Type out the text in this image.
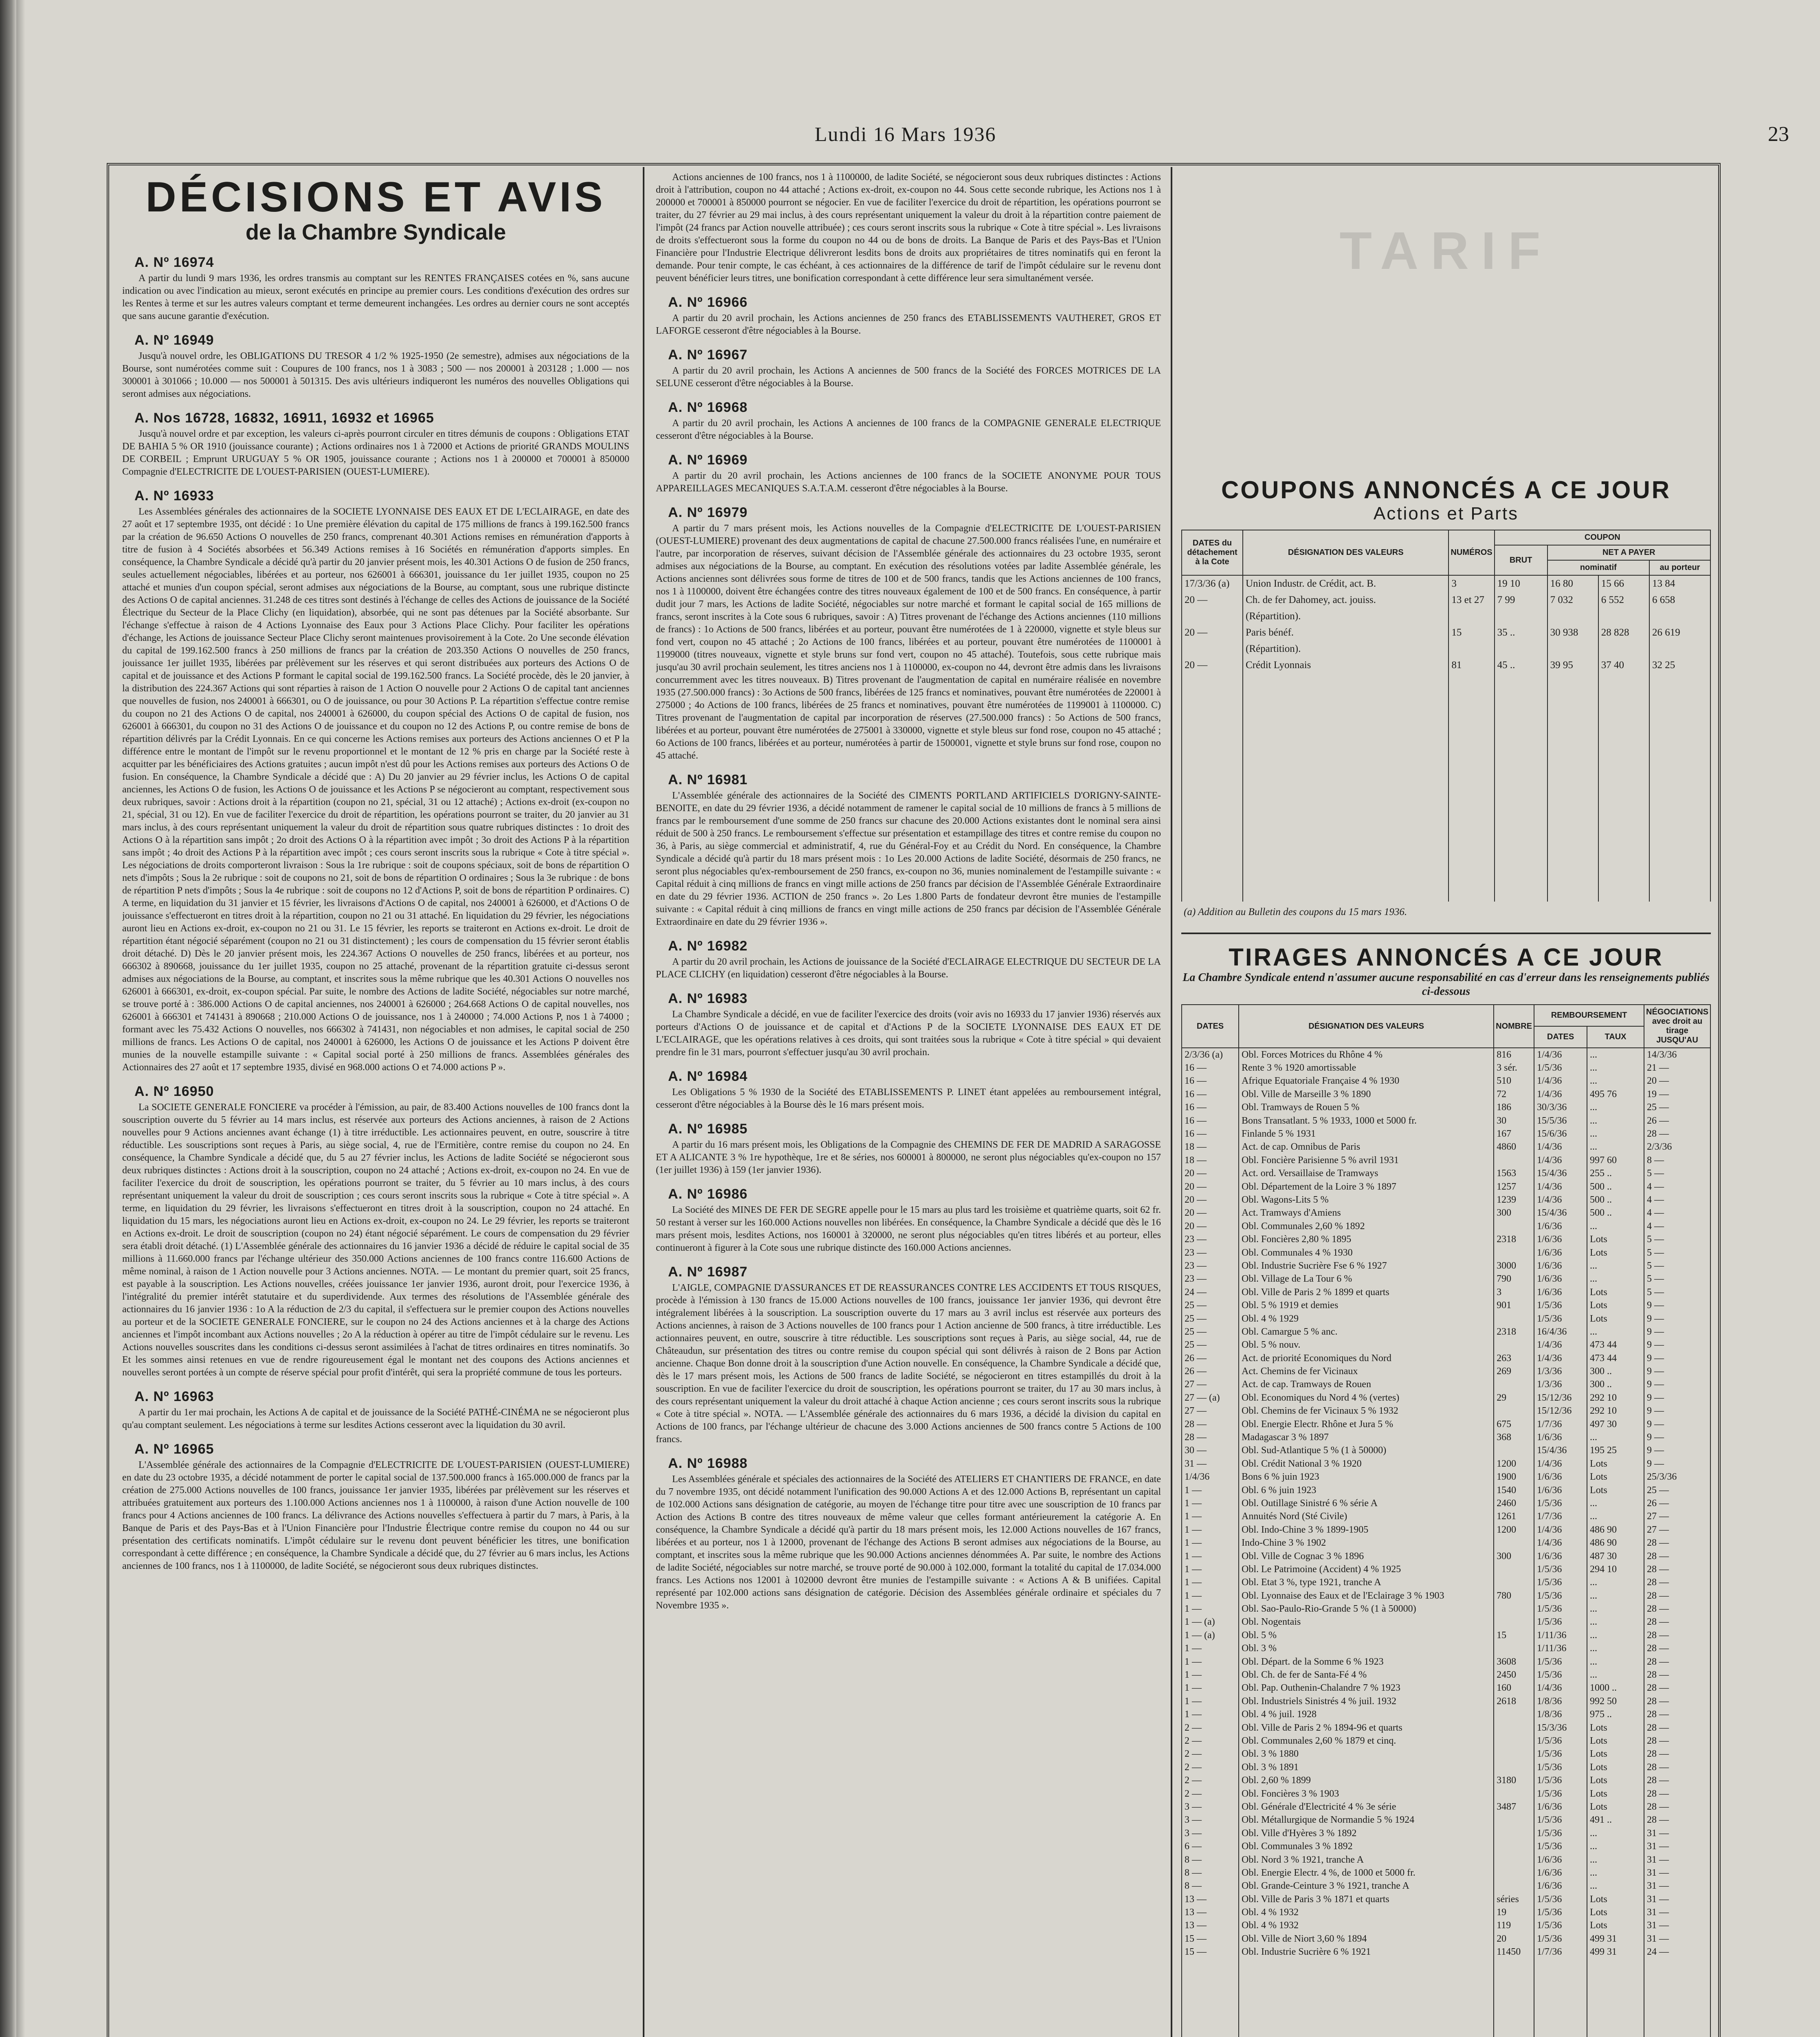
Lundi 16 Mars 1936	23
DÉCISIONS ET AVIS
de la Chambre Syndicale
A. Nº 16974

A partir du lundi 9 mars 1936, les ordres transmis au comptant sur les RENTES FRANÇAISES cotées en %, sans aucune indication ou avec l'indication au mieux, seront exécutés en principe au premier cours. Les conditions d'exécution des ordres sur les Rentes à terme et sur les autres valeurs comptant et terme demeurent inchangées. Les ordres au dernier cours ne sont acceptés que sans aucune garantie d'exécution.

A. Nº 16949

Jusqu'à nouvel ordre, les OBLIGATIONS DU TRESOR 4 1/2 % 1925-1950 (2e semestre), admises aux négociations de la Bourse, sont numérotées comme suit : Coupures de 100 francs, nos 1 à 3083 ; 500 — nos 200001 à 203128 ; 1.000 — nos 300001 à 301066 ; 10.000 — nos 500001 à 501315. Des avis ultérieurs indiqueront les numéros des nouvelles Obligations qui seront admises aux négociations.

A. Nos 16728, 16832, 16911, 16932 et 16965

Jusqu'à nouvel ordre et par exception, les valeurs ci-après pourront circuler en titres démunis de coupons : Obligations ETAT DE BAHIA 5 % OR 1910 (jouissance courante) ; Actions ordinaires nos 1 à 72000 et Actions de priorité GRANDS MOULINS DE CORBEIL ; Emprunt URUGUAY 5 % OR 1905, jouissance courante ; Actions nos 1 à 200000 et 700001 à 850000 Compagnie d'ELECTRICITE DE L'OUEST-PARISIEN (OUEST-LUMIERE).

A. Nº 16933

Les Assemblées générales des actionnaires de la SOCIETE LYONNAISE DES EAUX ET DE L'ECLAIRAGE, en date des 27 août et 17 septembre 1935, ont décidé : 1o Une première élévation du capital de 175 millions de francs à 199.162.500 francs par la création de 96.650 Actions O nouvelles de 250 francs, comprenant 40.301 Actions remises en rémunération d'apports à titre de fusion à 4 Sociétés absorbées et 56.349 Actions remises à 16 Sociétés en rémunération d'apports simples. En conséquence, la Chambre Syndicale a décidé qu'à partir du 20 janvier présent mois, les 40.301 Actions O de fusion de 250 francs, seules actuellement négociables, libérées et au porteur, nos 626001 à 666301, jouissance du 1er juillet 1935, coupon no 25 attaché et munies d'un coupon spécial, seront admises aux négociations de la Bourse, au comptant, sous une rubrique distincte des Actions O de capital anciennes. 31.248 de ces titres sont destinés à l'échange de celles des Actions de jouissance de la Société Électrique du Secteur de la Place Clichy (en liquidation), absorbée, qui ne sont pas détenues par la Société absorbante. Sur l'échange s'effectue à raison de 4 Actions Lyonnaise des Eaux pour 3 Actions Place Clichy. Pour faciliter les opérations d'échange, les Actions de jouissance Secteur Place Clichy seront maintenues provisoirement à la Cote. 2o Une seconde élévation du capital de 199.162.500 francs à 250 millions de francs par la création de 203.350 Actions O nouvelles de 250 francs, jouissance 1er juillet 1935, libérées par prélèvement sur les réserves et qui seront distribuées aux porteurs des Actions O de capital et de jouissance et des Actions P formant le capital social de 199.162.500 francs. La Société procède, dès le 20 janvier, à la distribution des 224.367 Actions qui sont réparties à raison de 1 Action O nouvelle pour 2 Actions O de capital tant anciennes que nouvelles de fusion, nos 240001 à 666301, ou O de jouissance, ou pour 30 Actions P. La répartition s'effectue contre remise du coupon no 21 des Actions O de capital, nos 240001 à 626000, du coupon spécial des Actions O de capital de fusion, nos 626001 à 666301, du coupon no 31 des Actions O de jouissance et du coupon no 12 des Actions P, ou contre remise de bons de répartition délivrés par la Crédit Lyonnais. En ce qui concerne les Actions remises aux porteurs des Actions anciennes O et P la différence entre le montant de l'impôt sur le revenu proportionnel et le montant de 12 % pris en charge par la Société reste à acquitter par les bénéficiaires des Actions gratuites ; aucun impôt n'est dû pour les Actions remises aux porteurs des Actions O de fusion. En conséquence, la Chambre Syndicale a décidé que : A) Du 20 janvier au 29 février inclus, les Actions O de capital anciennes, les Actions O de fusion, les Actions O de jouissance et les Actions P se négocieront au comptant, respectivement sous deux rubriques, savoir : Actions droit à la répartition (coupon no 21, spécial, 31 ou 12 attaché) ; Actions ex-droit (ex-coupon no 21, spécial, 31 ou 12). En vue de faciliter l'exercice du droit de répartition, les opérations pourront se traiter, du 20 janvier au 31 mars inclus, à des cours représentant uniquement la valeur du droit de répartition sous quatre rubriques distinctes : 1o droit des Actions O à la répartition sans impôt ; 2o droit des Actions O à la répartition avec impôt ; 3o droit des Actions P à la répartition sans impôt ; 4o droit des Actions P à la répartition avec impôt ; ces cours seront inscrits sous la rubrique « Cote à titre spécial ». Les négociations de droits comporteront livraison : Sous la 1re rubrique : soit de coupons spéciaux, soit de bons de répartition O nets d'impôts ; Sous la 2e rubrique : soit de coupons no 21, soit de bons de répartition O ordinaires ; Sous la 3e rubrique : de bons de répartition P nets d'impôts ; Sous la 4e rubrique : soit de coupons no 12 d'Actions P, soit de bons de répartition P ordinaires. C) A terme, en liquidation du 31 janvier et 15 février, les livraisons d'Actions O de capital, nos 240001 à 626000, et d'Actions O de jouissance s'effectueront en titres droit à la répartition, coupon no 21 ou 31 attaché. En liquidation du 29 février, les négociations auront lieu en Actions ex-droit, ex-coupon no 21 ou 31. Le 15 février, les reports se traiteront en Actions ex-droit. Le droit de répartition étant négocié séparément (coupon no 21 ou 31 distinctement) ; les cours de compensation du 15 février seront établis droit détaché. D) Dès le 20 janvier présent mois, les 224.367 Actions O nouvelles de 250 francs, libérées et au porteur, nos 666302 à 890668, jouissance du 1er juillet 1935, coupon no 25 attaché, provenant de la répartition gratuite ci-dessus seront admises aux négociations de la Bourse, au comptant, et inscrites sous la même rubrique que les 40.301 Actions O nouvelles nos 626001 à 666301, ex-droit, ex-coupon spécial. Par suite, le nombre des Actions de ladite Société, négociables sur notre marché, se trouve porté à : 386.000 Actions O de capital anciennes, nos 240001 à 626000 ; 264.668 Actions O de capital nouvelles, nos 626001 à 666301 et 741431 à 890668 ; 210.000 Actions O de jouissance, nos 1 à 240000 ; 74.000 Actions P, nos 1 à 74000 ; formant avec les 75.432 Actions O nouvelles, nos 666302 à 741431, non négociables et non admises, le capital social de 250 millions de francs. Les Actions O de capital, nos 240001 à 626000, les Actions O de jouissance et les Actions P doivent être munies de la nouvelle estampille suivante : « Capital social porté à 250 millions de francs. Assemblées générales des Actionnaires des 27 août et 17 septembre 1935, divisé en 968.000 actions O et 74.000 actions P ».

A. Nº 16950

La SOCIETE GENERALE FONCIERE va procéder à l'émission, au pair, de 83.400 Actions nouvelles de 100 francs dont la souscription ouverte du 5 février au 14 mars inclus, est réservée aux porteurs des Actions anciennes, à raison de 2 Actions nouvelles pour 9 Actions anciennes avant échange (1) à titre irréductible. Les actionnaires peuvent, en outre, souscrire à titre réductible. Les souscriptions sont reçues à Paris, au siège social, 4, rue de l'Ermitière, contre remise du coupon no 24. En conséquence, la Chambre Syndicale a décidé que, du 5 au 27 février inclus, les Actions de ladite Société se négocieront sous deux rubriques distinctes : Actions droit à la souscription, coupon no 24 attaché ; Actions ex-droit, ex-coupon no 24. En vue de faciliter l'exercice du droit de souscription, les opérations pourront se traiter, du 5 février au 10 mars inclus, à des cours représentant uniquement la valeur du droit de souscription ; ces cours seront inscrits sous la rubrique « Cote à titre spécial ». A terme, en liquidation du 29 février, les livraisons s'effectueront en titres droit à la souscription, coupon no 24 attaché. En liquidation du 15 mars, les négociations auront lieu en Actions ex-droit, ex-coupon no 24. Le 29 février, les reports se traiteront en Actions ex-droit. Le droit de souscription (coupon no 24) étant négocié séparément. Le cours de compensation du 29 février sera établi droit détaché. (1) L'Assemblée générale des actionnaires du 16 janvier 1936 a décidé de réduire le capital social de 35 millions à 11.660.000 francs par l'échange ultérieur des 350.000 Actions anciennes de 100 francs contre 116.600 Actions de même nominal, à raison de 1 Action nouvelle pour 3 Actions anciennes. NOTA. — Le montant du premier quart, soit 25 francs, est payable à la souscription. Les Actions nouvelles, créées jouissance 1er janvier 1936, auront droit, pour l'exercice 1936, à l'intégralité du premier intérêt statutaire et du superdividende. Aux termes des résolutions de l'Assemblée générale des actionnaires du 16 janvier 1936 : 1o A la réduction de 2/3 du capital, il s'effectuera sur le premier coupon des Actions nouvelles au porteur et de la SOCIETE GENERALE FONCIERE, sur le coupon no 24 des Actions anciennes et à la charge des Actions anciennes et l'impôt incombant aux Actions nouvelles ; 2o A la réduction à opérer au titre de l'impôt cédulaire sur le revenu. Les Actions nouvelles souscrites dans les conditions ci-dessus seront assimilées à l'achat de titres ordinaires en titres nominatifs. 3o Et les sommes ainsi retenues en vue de rendre rigoureusement égal le montant net des coupons des Actions anciennes et nouvelles seront portées à un compte de réserve spécial pour profit d'intérêt, qui sera la propriété commune de tous les porteurs.

A. Nº 16963

A partir du 1er mai prochain, les Actions A de capital et de jouissance de la Société PATHÉ-CINÉMA ne se négocieront plus qu'au comptant seulement. Les négociations à terme sur lesdites Actions cesseront avec la liquidation du 30 avril.

A. Nº 16965

L'Assemblée générale des actionnaires de la Compagnie d'ELECTRICITE DE L'OUEST-PARISIEN (OUEST-LUMIERE) en date du 23 octobre 1935, a décidé notamment de porter le capital social de 137.500.000 francs à 165.000.000 de francs par la création de 275.000 Actions nouvelles de 100 francs, jouissance 1er janvier 1935, libérées par prélèvement sur les réserves et attribuées gratuitement aux porteurs des 1.100.000 Actions anciennes nos 1 à 1100000, à raison d'une Action nouvelle de 100 francs pour 4 Actions anciennes de 100 francs. La délivrance des Actions nouvelles s'effectuera à partir du 7 mars, à Paris, à la Banque de Paris et des Pays-Bas et à l'Union Financière pour l'Industrie Électrique contre remise du coupon no 44 ou sur présentation des certificats nominatifs. L'impôt cédulaire sur le revenu dont peuvent bénéficier les titres, une bonification correspondant à cette différence ; en conséquence, la Chambre Syndicale a décidé que, du 27 février au 6 mars inclus, les Actions anciennes de 100 francs, nos 1 à 1100000, de ladite Société, se négocieront sous deux rubriques distinctes.

Actions anciennes de 100 francs, nos 1 à 1100000, de ladite Société, se négocieront sous deux rubriques distinctes : Actions droit à l'attribution, coupon no 44 attaché ; Actions ex-droit, ex-coupon no 44. Sous cette seconde rubrique, les Actions nos 1 à 200000 et 700001 à 850000 pourront se négocier. En vue de faciliter l'exercice du droit de répartition, les opérations pourront se traiter, du 27 février au 29 mai inclus, à des cours représentant uniquement la valeur du droit à la répartition contre paiement de l'impôt (24 francs par Action nouvelle attribuée) ; ces cours seront inscrits sous la rubrique « Cote à titre spécial ». Les livraisons de droits s'effectueront sous la forme du coupon no 44 ou de bons de droits. La Banque de Paris et des Pays-Bas et l'Union Financière pour l'Industrie Electrique délivreront lesdits bons de droits aux propriétaires de titres nominatifs qui en feront la demande. Pour tenir compte, le cas échéant, à ces actionnaires de la différence de tarif de l'impôt cédulaire sur le revenu dont peuvent bénéficier leurs titres, une bonification correspondant à cette différence leur sera simultanément versée.

A. Nº 16966

A partir du 20 avril prochain, les Actions anciennes de 250 francs des ETABLISSEMENTS VAUTHERET, GROS ET LAFORGE cesseront d'être négociables à la Bourse.

A. Nº 16967

A partir du 20 avril prochain, les Actions A anciennes de 500 francs de la Société des FORCES MOTRICES DE LA SELUNE cesseront d'être négociables à la Bourse.

A. Nº 16968

A partir du 20 avril prochain, les Actions A anciennes de 100 francs de la COMPAGNIE GENERALE ELECTRIQUE cesseront d'être négociables à la Bourse.

A. Nº 16969

A partir du 20 avril prochain, les Actions anciennes de 100 francs de la SOCIETE ANONYME POUR TOUS APPAREILLAGES MECANIQUES S.A.T.A.M. cesseront d'être négociables à la Bourse.

A. Nº 16979

A partir du 7 mars présent mois, les Actions nouvelles de la Compagnie d'ELECTRICITE DE L'OUEST-PARISIEN (OUEST-LUMIERE) provenant des deux augmentations de capital de chacune 27.500.000 francs réalisées l'une, en numéraire et l'autre, par incorporation de réserves, suivant décision de l'Assemblée générale des actionnaires du 23 octobre 1935, seront admises aux négociations de la Bourse, au comptant. En exécution des résolutions votées par ladite Assemblée générale, les Actions anciennes sont délivrées sous forme de titres de 100 et de 500 francs, tandis que les Actions anciennes de 100 francs, nos 1 à 1100000, doivent être échangées contre des titres nouveaux également de 100 et de 500 francs. En conséquence, à partir dudit jour 7 mars, les Actions de ladite Société, négociables sur notre marché et formant le capital social de 165 millions de francs, seront inscrites à la Cote sous 6 rubriques, savoir : A) Titres provenant de l'échange des Actions anciennes (110 millions de francs) : 1o Actions de 500 francs, libérées et au porteur, pouvant être numérotées de 1 à 220000, vignette et style bleus sur fond vert, coupon no 45 attaché ; 2o Actions de 100 francs, libérées et au porteur, pouvant être numérotées de 1100001 à 1199000 (titres nouveaux, vignette et style bruns sur fond vert, coupon no 45 attaché). Toutefois, sous cette rubrique mais jusqu'au 30 avril prochain seulement, les titres anciens nos 1 à 1100000, ex-coupon no 44, devront être admis dans les livraisons concurremment avec les titres nouveaux. B) Titres provenant de l'augmentation de capital en numéraire réalisée en novembre 1935 (27.500.000 francs) : 3o Actions de 500 francs, libérées de 125 francs et nominatives, pouvant être numérotées de 220001 à 275000 ; 4o Actions de 100 francs, libérées de 25 francs et nominatives, pouvant être numérotées de 1199001 à 1100000. C) Titres provenant de l'augmentation de capital par incorporation de réserves (27.500.000 francs) : 5o Actions de 500 francs, libérées et au porteur, pouvant être numérotées de 275001 à 330000, vignette et style bleus sur fond rose, coupon no 45 attaché ; 6o Actions de 100 francs, libérées et au porteur, numérotées à partir de 1500001, vignette et style bruns sur fond rose, coupon no 45 attaché.

A. Nº 16981

L'Assemblée générale des actionnaires de la Société des CIMENTS PORTLAND ARTIFICIELS D'ORIGNY-SAINTE-BENOITE, en date du 29 février 1936, a décidé notamment de ramener le capital social de 10 millions de francs à 5 millions de francs par le remboursement d'une somme de 250 francs sur chacune des 20.000 Actions existantes dont le nominal sera ainsi réduit de 500 à 250 francs. Le remboursement s'effectue sur présentation et estampillage des titres et contre remise du coupon no 36, à Paris, au siège commercial et administratif, 4, rue du Général-Foy et au Crédit du Nord. En conséquence, la Chambre Syndicale a décidé qu'à partir du 18 mars présent mois : 1o Les 20.000 Actions de ladite Société, désormais de 250 francs, ne seront plus négociables qu'ex-remboursement de 250 francs, ex-coupon no 36, munies nominalement de l'estampille suivante : « Capital réduit à cinq millions de francs en vingt mille actions de 250 francs par décision de l'Assemblée Générale Extraordinaire en date du 29 février 1936. ACTION de 250 francs ». 2o Les 1.800 Parts de fondateur devront être munies de l'estampille suivante : « Capital réduit à cinq millions de francs en vingt mille actions de 250 francs par décision de l'Assemblée Générale Extraordinaire en date du 29 février 1936 ».

A. Nº 16982

A partir du 20 avril prochain, les Actions de jouissance de la Société d'ECLAIRAGE ELECTRIQUE DU SECTEUR DE LA PLACE CLICHY (en liquidation) cesseront d'être négociables à la Bourse.

A. Nº 16983

La Chambre Syndicale a décidé, en vue de faciliter l'exercice des droits (voir avis no 16933 du 17 janvier 1936) réservés aux porteurs d'Actions O de jouissance et de capital et d'Actions P de la SOCIETE LYONNAISE DES EAUX ET DE L'ECLAIRAGE, que les opérations relatives à ces droits, qui sont traitées sous la rubrique « Cote à titre spécial » qui devaient prendre fin le 31 mars, pourront s'effectuer jusqu'au 30 avril prochain.

A. Nº 16984

Les Obligations 5 % 1930 de la Société des ETABLISSEMENTS P. LINET étant appelées au remboursement intégral, cesseront d'être négociables à la Bourse dès le 16 mars présent mois.

A. Nº 16985

A partir du 16 mars présent mois, les Obligations de la Compagnie des CHEMINS DE FER DE MADRID A SARAGOSSE ET A ALICANTE 3 % 1re hypothèque, 1re et 8e séries, nos 600001 à 800000, ne seront plus négociables qu'ex-coupon no 157 (1er juillet 1936) à 159 (1er janvier 1936).

A. Nº 16986

La Société des MINES DE FER DE SEGRE appelle pour le 15 mars au plus tard les troisième et quatrième quarts, soit 62 fr. 50 restant à verser sur les 160.000 Actions nouvelles non libérées. En conséquence, la Chambre Syndicale a décidé que dès le 16 mars présent mois, lesdites Actions, nos 160001 à 320000, ne seront plus négociables qu'en titres libérés et au porteur, elles continueront à figurer à la Cote sous une rubrique distincte des 160.000 Actions anciennes.

A. Nº 16987

L'AIGLE, COMPAGNIE D'ASSURANCES ET DE REASSURANCES CONTRE LES ACCIDENTS ET TOUS RISQUES, procède à l'émission à 130 francs de 15.000 Actions nouvelles de 100 francs, jouissance 1er janvier 1936, qui devront être intégralement libérées à la souscription. La souscription ouverte du 17 mars au 3 avril inclus est réservée aux porteurs des Actions anciennes, à raison de 3 Actions nouvelles de 100 francs pour 1 Action ancienne de 500 francs, à titre irréductible. Les actionnaires peuvent, en outre, souscrire à titre réductible. Les souscriptions sont reçues à Paris, au siège social, 44, rue de Châteaudun, sur présentation des titres ou contre remise du coupon spécial qui sont délivrés à raison de 2 Bons par Action ancienne. Chaque Bon donne droit à la souscription d'une Action nouvelle. En conséquence, la Chambre Syndicale a décidé que, dès le 17 mars présent mois, les Actions de 500 francs de ladite Société, se négocieront en titres estampillés du droit à la souscription. En vue de faciliter l'exercice du droit de souscription, les opérations pourront se traiter, du 17 au 30 mars inclus, à des cours représentant uniquement la valeur du droit attaché à chaque Action ancienne ; ces cours seront inscrits sous la rubrique « Cote à titre spécial ». NOTA. — L'Assemblée générale des actionnaires du 6 mars 1936, a décidé la division du capital en Actions de 100 francs, par l'échange ultérieur de chacune des 3.000 Actions anciennes de 500 francs contre 5 Actions de 100 francs.

A. Nº 16988

Les Assemblées générale et spéciales des actionnaires de la Société des ATELIERS ET CHANTIERS DE FRANCE, en date du 7 novembre 1935, ont décidé notamment l'unification des 90.000 Actions A et des 12.000 Actions B, représentant un capital de 102.000 Actions sans désignation de catégorie, au moyen de l'échange titre pour titre avec une souscription de 10 francs par Action des Actions B contre des titres nouveaux de même valeur que celles formant antérieurement la catégorie A. En conséquence, la Chambre Syndicale a décidé qu'à partir du 18 mars présent mois, les 12.000 Actions nouvelles de 167 francs, libérées et au porteur, nos 1 à 12000, provenant de l'échange des Actions B seront admises aux négociations de la Bourse, au comptant, et inscrites sous la même rubrique que les 90.000 Actions anciennes dénommées A. Par suite, le nombre des Actions de ladite Société, négociables sur notre marché, se trouve porté de 90.000 à 102.000, formant la totalité du capital de 17.034.000 francs. Les Actions nos 12001 à 102000 devront être munies de l'estampille suivante : « Actions A & B unifiées. Capital représenté par 102.000 actions sans désignation de catégorie. Décision des Assemblées générale ordinaire et spéciales du 7 Novembre 1935 ».

TARIF
COUPONS ANNONCÉS A CE JOUR
Actions et Parts
DATES du détachement à la Cote	DÉSIGNATION DES VALEURS	NUMÉROS	COUPON			
			BRUT	NET A PAYER		
				nominatif		au porteur
17/3/36 (a)	Union Industr. de Crédit, act. B.	3	19 10	16 80	15 66	13 84
20 —	Ch. de fer Dahomey, act. jouiss.	13 et 27	7 99	7 032	6 552	6 658
	(Répartition).					
20 —	Paris bénéf.	15	35 ..	30 938	28 828	26 619
	(Répartition).					
20 —	Crédit Lyonnais	81	45 ..	39 95	37 40	32 25

(a) Addition au Bulletin des coupons du 15 mars 1936.
TIRAGES ANNONCÉS A CE JOUR
La Chambre Syndicale entend n'assumer aucune responsabilité en cas d'erreur dans les renseignements publiés ci-dessous
DATES	DÉSIGNATION DES VALEURS	NOMBRE	REMBOURSEMENT		NÉGOCIATIONS avec droit au tirage JUSQU'AU
			DATES	TAUX	
2/3/36 (a)	Obl. Forces Motrices du Rhône 4 %	816	1/4/36	...	14/3/36
16 —	Rente 3 % 1920 amortissable	3 sér.	1/5/36	...	21 —
16 —	Afrique Equatoriale Française 4 % 1930	510	1/4/36	...	20 —
16 —	Obl. Ville de Marseille 3 % 1890	72	1/4/36	495 76	19 —
16 —	Obl. Tramways de Rouen 5 %	186	30/3/36	...	25 —
16 —	Bons Transatlant. 5 % 1933, 1000 et 5000 fr.	30	15/5/36	...	26 —
16 —	Finlande 5 % 1931	167	15/6/36	...	28 —
18 —	Act. de cap. Omnibus de Paris	4860	1/4/36	...	2/3/36
18 —	Obl. Foncière Parisienne 5 % avril 1931		1/4/36	997 60	8 —
20 —	Act. ord. Versaillaise de Tramways	1563	15/4/36	255 ..	5 —
20 —	Obl. Département de la Loire 3 % 1897	1257	1/4/36	500 ..	4 —
20 —	Obl. Wagons-Lits 5 %	1239	1/4/36	500 ..	4 —
20 —	Act. Tramways d'Amiens	300	15/4/36	500 ..	4 —
20 —	Obl. Communales 2,60 % 1892		1/6/36	...	4 —
23 —	Obl. Foncières 2,80 % 1895	2318	1/6/36	Lots	5 —
23 —	Obl. Communales 4 % 1930		1/6/36	Lots	5 —
23 —	Obl. Industrie Sucrière Fse 6 % 1927	3000	1/6/36	...	5 —
23 —	Obl. Village de La Tour 6 %	790	1/6/36	...	5 —
24 —	Obl. Ville de Paris 2 % 1899 et quarts	3	1/6/36	Lots	5 —
25 —	Obl. 5 % 1919 et demies	901	1/5/36	Lots	9 —
25 —	Obl. 4 % 1929		1/5/36	Lots	9 —
25 —	Obl. Camargue 5 % anc.	2318	16/4/36	...	9 —
25 —	Obl. 5 % nouv.		1/4/36	473 44	9 —
26 —	Act. de priorité Economiques du Nord	263	1/4/36	473 44	9 —
26 —	Act. Chemins de fer Vicinaux	269	1/3/36	300 ..	9 —
27 —	Act. de cap. Tramways de Rouen		1/3/36	300 ..	9 —
27 — (a)	Obl. Economiques du Nord 4 % (vertes)	29	15/12/36	292 10	9 —
27 —	Obl. Chemins de fer Vicinaux 5 % 1932		15/12/36	292 10	9 —
28 —	Obl. Energie Electr. Rhône et Jura 5 %	675	1/7/36	497 30	9 —
28 —	Madagascar 3 % 1897	368	1/6/36	...	9 —
30 —	Obl. Sud-Atlantique 5 % (1 à 50000)		15/4/36	195 25	9 —
31 —	Obl. Crédit National 3 % 1920	1200	1/4/36	Lots	9 —
1/4/36	Bons 6 % juin 1923	1900	1/6/36	Lots	25/3/36
1 —	Obl. 6 % juin 1923	1540	1/6/36	Lots	25 —
1 —	Obl. Outillage Sinistré 6 % série A	2460	1/5/36	...	26 —
1 —	Annuités Nord (Sté Civile)	1261	1/7/36	...	27 —
1 —	Obl. Indo-Chine 3 % 1899-1905	1200	1/4/36	486 90	27 —
1 —	Indo-Chine 3 % 1902		1/4/36	486 90	28 —
1 —	Obl. Ville de Cognac 3 % 1896	300	1/6/36	487 30	28 —
1 —	Obl. Le Patrimoine (Accident) 4 % 1925		1/5/36	294 10	28 —
1 —	Obl. Etat 3 %, type 1921, tranche A		1/5/36	...	28 —
1 —	Obl. Lyonnaise des Eaux et de l'Eclairage 3 % 1903	780	1/5/36	...	28 —
1 —	Obl. Sao-Paulo-Rio-Grande 5 % (1 à 50000)		1/5/36	...	28 —
1 — (a)	Obl. Nogentais		1/5/36	...	28 —
1 — (a)	Obl. 5 %	15	1/11/36	...	28 —
1 —	Obl. 3 %		1/11/36	...	28 —
1 —	Obl. Départ. de la Somme 6 % 1923	3608	1/5/36	...	28 —
1 —	Obl. Ch. de fer de Santa-Fé 4 %	2450	1/5/36	...	28 —
1 —	Obl. Pap. Outhenin-Chalandre 7 % 1923	160	1/4/36	1000 ..	28 —
1 —	Obl. Industriels Sinistrés 4 % juil. 1932	2618	1/8/36	992 50	28 —
1 —	Obl. 4 % juil. 1928		1/8/36	975 ..	28 —
2 —	Obl. Ville de Paris 2 % 1894-96 et quarts		15/3/36	Lots	28 —
2 —	Obl. Communales 2,60 % 1879 et cinq.		1/5/36	Lots	28 —
2 —	Obl. 3 % 1880		1/5/36	Lots	28 —
2 —	Obl. 3 % 1891		1/5/36	Lots	28 —
2 —	Obl. 2,60 % 1899	3180	1/5/36	Lots	28 —
2 —	Obl. Foncières 3 % 1903		1/5/36	Lots	28 —
3 —	Obl. Générale d'Electricité 4 % 3e série	3487	1/6/36	Lots	28 —
3 —	Obl. Métallurgique de Normandie 5 % 1924		1/5/36	491 ..	28 —
3 —	Obl. Ville d'Hyères 3 % 1892		1/5/36	...	31 —
6 —	Obl. Communales 3 % 1892		1/5/36	...	31 —
8 —	Obl. Nord 3 % 1921, tranche A		1/6/36	...	31 —
8 —	Obl. Energie Electr. 4 %, de 1000 et 5000 fr.		1/6/36	...	31 —
8 —	Obl. Grande-Ceinture 3 % 1921, tranche A		1/6/36	...	31 —
13 —	Obl. Ville de Paris 3 % 1871 et quarts	séries	1/5/36	Lots	31 —
13 —	Obl. 4 % 1932	19	1/5/36	Lots	31 —
13 —	Obl. 4 % 1932	119	1/5/36	Lots	31 —
15 —	Obl. Ville de Niort 3,60 % 1894	20	1/5/36	499 31	31 —
15 —	Obl. Industrie Sucrière 6 % 1921	11450	1/7/36	499 31	24 —
